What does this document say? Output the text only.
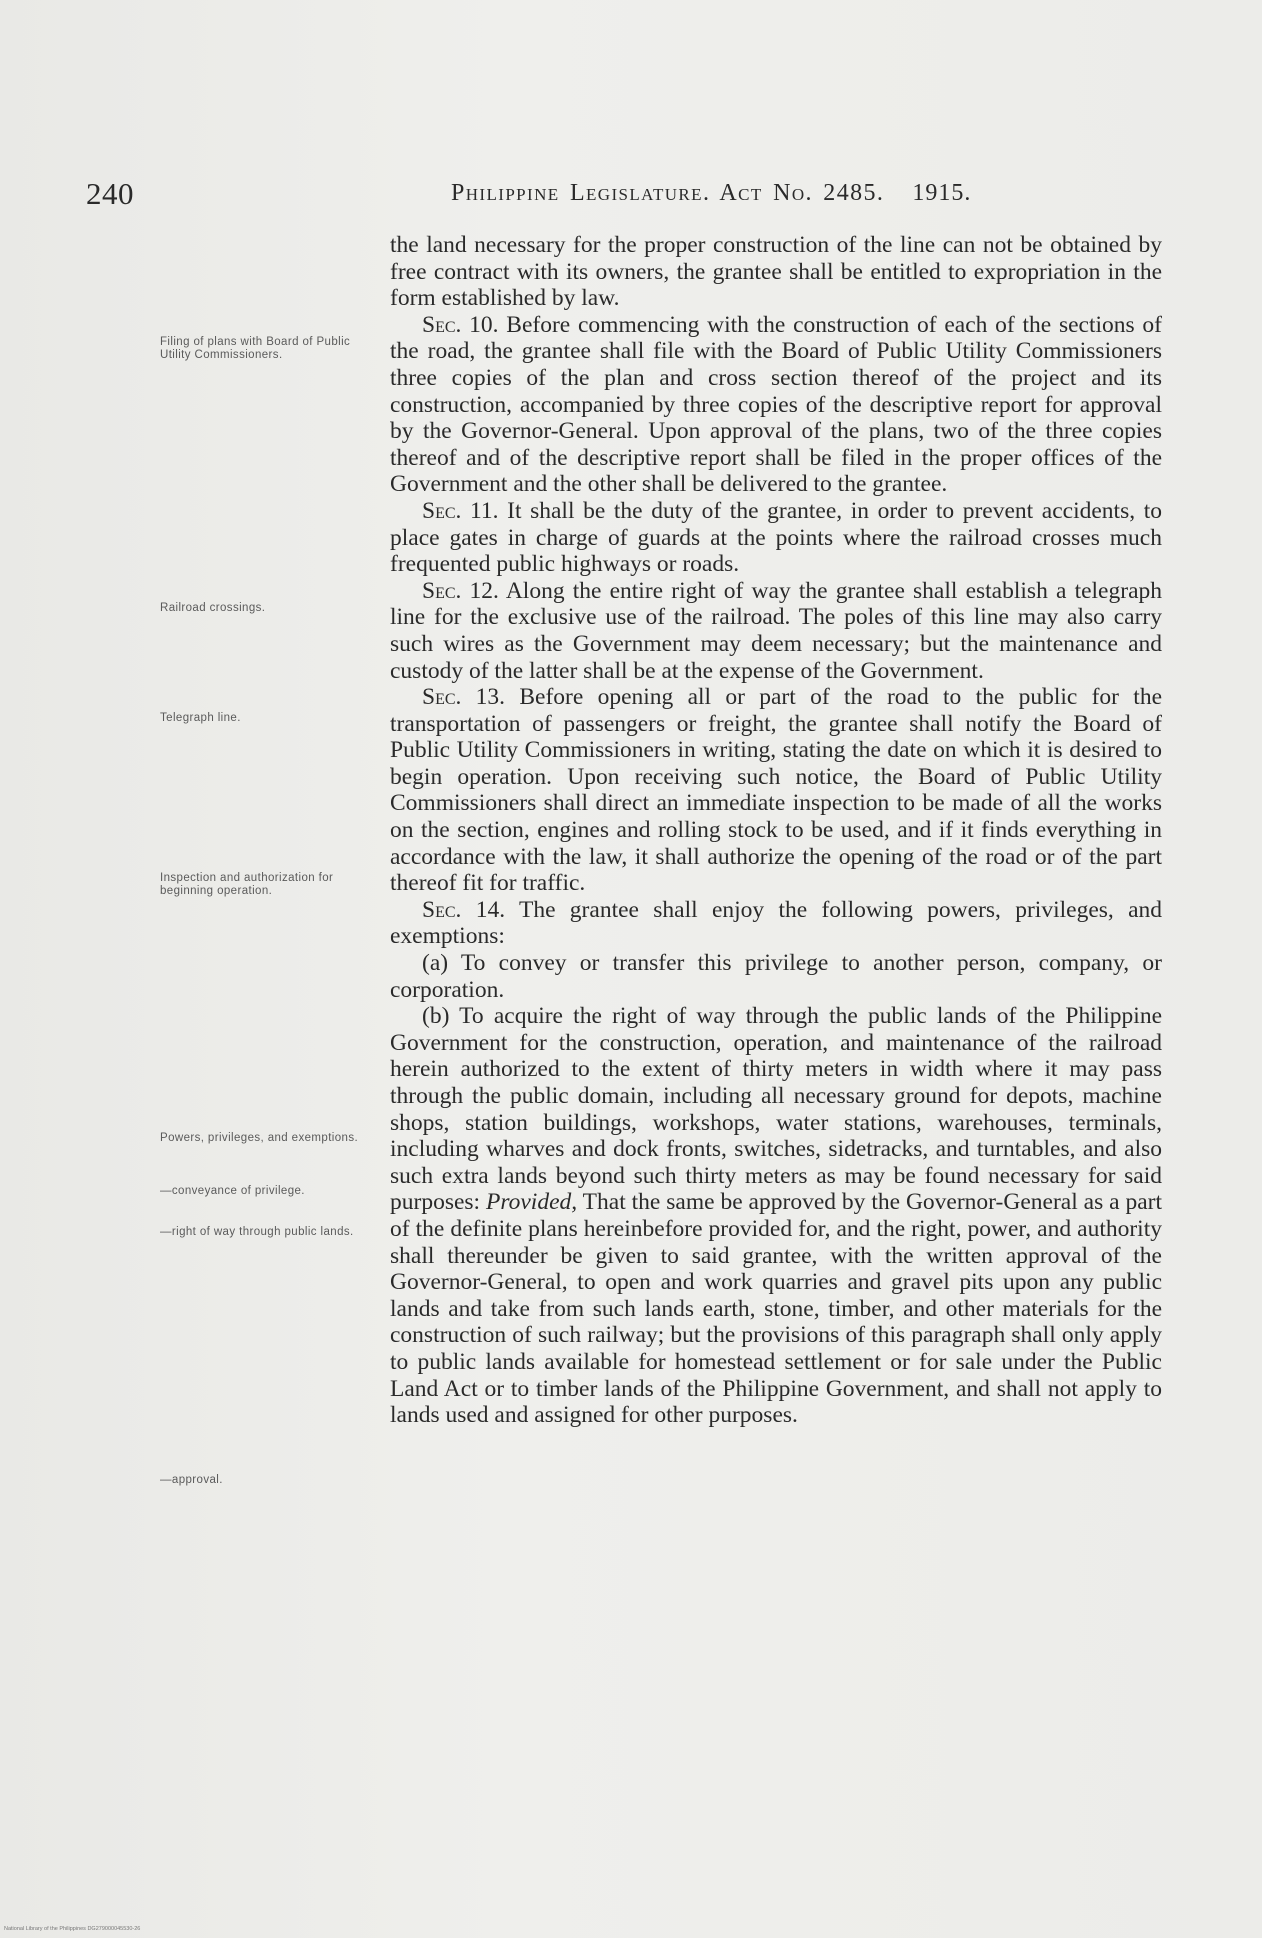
240	Philippine Legislature. Act No. 2485. 1915.
Filing of plans with Board of Public Utility Commissioners.
Railroad crossings.
Telegraph line.
Inspection and authorization for beginning operation.
Powers, privileges, and exemptions.
—conveyance of privilege.
—right of way through public lands.
—approval.

the land necessary for the proper construction of the line can not be obtained by free contract with its owners, the grantee shall be entitled to expropriation in the form established by law.

Sec. 10. Before commencing with the construction of each of the sections of the road, the grantee shall file with the Board of Public Utility Commissioners three copies of the plan and cross section thereof of the project and its construction, accompanied by three copies of the descriptive report for approval by the Governor-General. Upon approval of the plans, two of the three copies thereof and of the descriptive report shall be filed in the proper offices of the Government and the other shall be delivered to the grantee.

Sec. 11. It shall be the duty of the grantee, in order to prevent accidents, to place gates in charge of guards at the points where the railroad crosses much frequented public highways or roads.

Sec. 12. Along the entire right of way the grantee shall establish a telegraph line for the exclusive use of the railroad. The poles of this line may also carry such wires as the Government may deem necessary; but the maintenance and custody of the latter shall be at the expense of the Government.

Sec. 13. Before opening all or part of the road to the public for the transportation of passengers or freight, the grantee shall notify the Board of Public Utility Commissioners in writing, stating the date on which it is desired to begin operation. Upon receiving such notice, the Board of Public Utility Commissioners shall direct an immediate inspection to be made of all the works on the section, engines and rolling stock to be used, and if it finds everything in accordance with the law, it shall authorize the opening of the road or of the part thereof fit for traffic.

Sec. 14. The grantee shall enjoy the following powers, privileges, and exemptions:

(a) To convey or transfer this privilege to another person, company, or corporation.

(b) To acquire the right of way through the public lands of the Philippine Government for the construction, operation, and maintenance of the railroad herein authorized to the extent of thirty meters in width where it may pass through the public domain, including all necessary ground for depots, machine shops, station buildings, workshops, water stations, warehouses, terminals, including wharves and dock fronts, switches, sidetracks, and turntables, and also such extra lands beyond such thirty meters as may be found necessary for said purposes: Provided, That the same be approved by the Governor-General as a part of the definite plans hereinbefore provided for, and the right, power, and authority shall thereunder be given to said grantee, with the written approval of the Governor-General, to open and work quarries and gravel pits upon any public lands and take from such lands earth, stone, timber, and other materials for the construction of such railway; but the provisions of this paragraph shall only apply to public lands available for homestead settlement or for sale under the Public Land Act or to timber lands of the Philippine Government, and shall not apply to lands used and assigned for other purposes.

National Library of the Philippines DG279000045530-26
